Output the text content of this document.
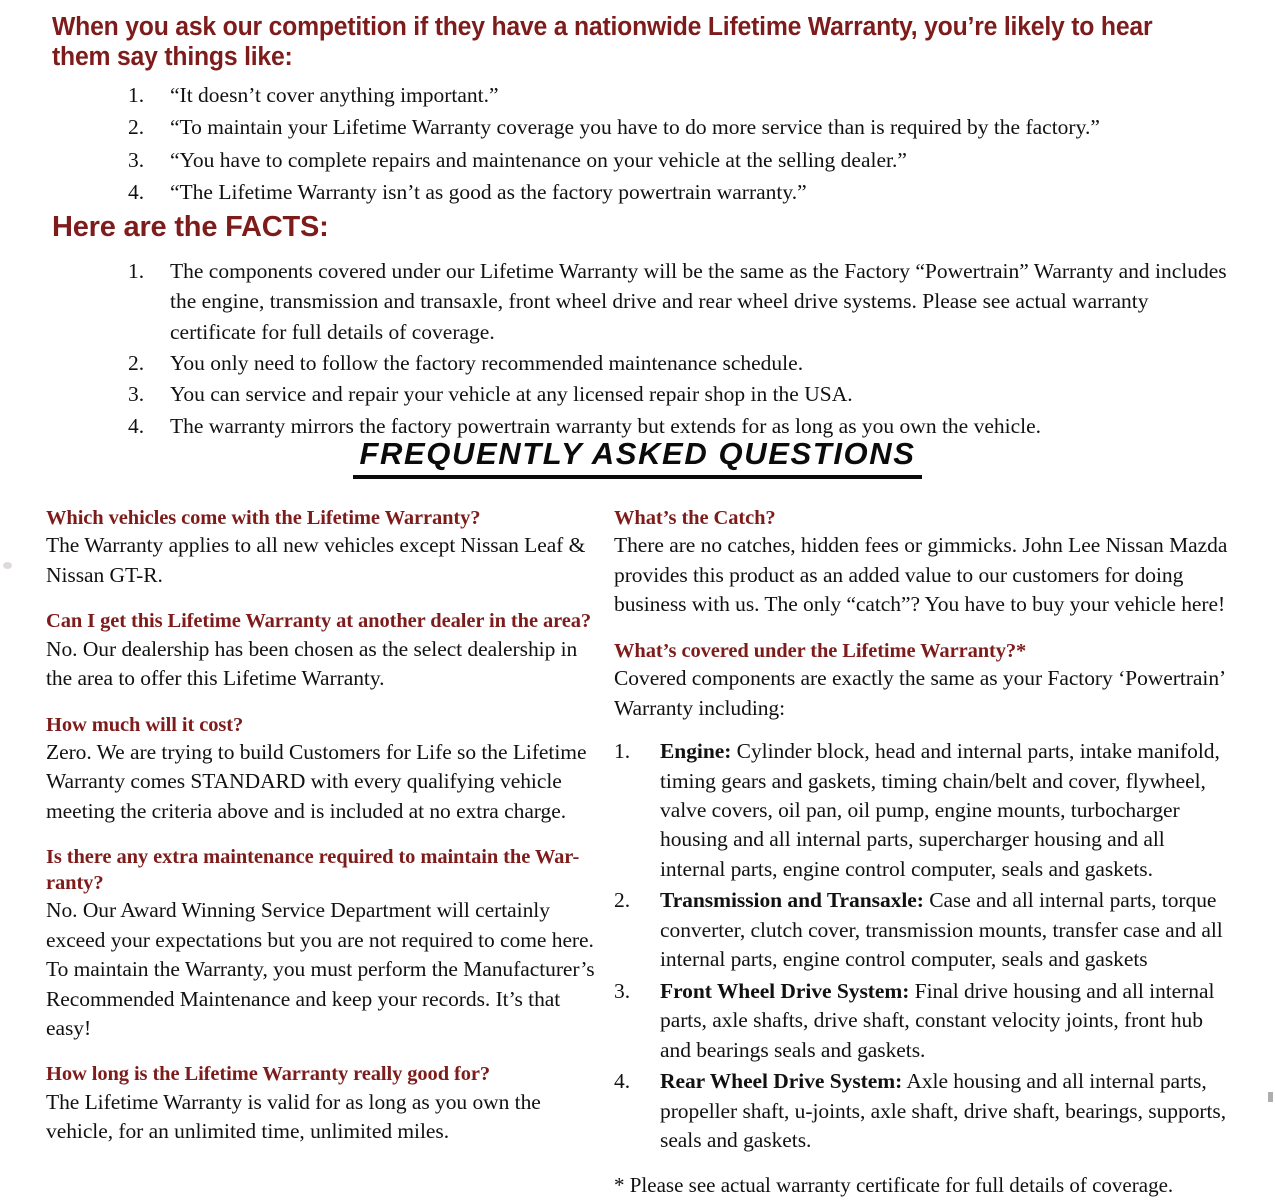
When you ask our competition if they have a nationwide Lifetime Warranty, you’re likely to hear them say things like:
1.	“It doesn’t cover anything important.”
2.	“To maintain your Lifetime Warranty coverage you have to do more service than is required by the factory.”
3.	“You have to complete repairs and maintenance on your vehicle at the selling dealer.”
4.	“The Lifetime Warranty isn’t as good as the factory powertrain warranty.”
Here are the FACTS:
1.	The components covered under our Lifetime Warranty will be the same as the Factory “Powertrain” Warranty and includes the engine, transmission and transaxle, front wheel drive and rear wheel drive systems. Please see actual warranty certificate for full details of coverage.
2.	You only need to follow the factory recommended maintenance schedule.
3.	You can service and repair your vehicle at any licensed repair shop in the USA.
4.	The warranty mirrors the factory powertrain warranty but extends for as long as you own the vehicle.
FREQUENTLY ASKED QUESTIONS
Which vehicles come with the Lifetime Warranty?
The Warranty applies to all new vehicles except Nissan Leaf & Nissan GT-R.
Can I get this Lifetime Warranty at another dealer in the area?
No. Our dealership has been chosen as the select dealership in the area to offer this Lifetime Warranty.
How much will it cost?
Zero. We are trying to build Customers for Life so the Lifetime Warranty comes STANDARD with every qualifying vehicle meeting the criteria above and is included at no extra charge.
Is there any extra maintenance required to maintain the War-ranty?
No. Our Award Winning Service Department will certainly exceed your expectations but you are not required to come here. To maintain the Warranty, you must perform the Manufacturer’s Recommended Maintenance and keep your records. It’s that easy!
How long is the Lifetime Warranty really good for?
The Lifetime Warranty is valid for as long as you own the vehicle, for an unlimited time, unlimited miles.
What’s the Catch?
There are no catches, hidden fees or gimmicks. John Lee Nissan Mazda provides this product as an added value to our customers for doing business with us. The only “catch”? You have to buy your vehicle here!
What’s covered under the Lifetime Warranty?*
Covered components are exactly the same as your Factory ‘Powertrain’ Warranty including:
1.	Engine: Cylinder block, head and internal parts, intake manifold, timing gears and gaskets, timing chain/belt and cover, flywheel, valve covers, oil pan, oil pump, engine mounts, turbocharger housing and all internal parts, supercharger housing and all internal parts, engine control computer, seals and gaskets.
2.	Transmission and Transaxle: Case and all internal parts, torque converter, clutch cover, transmission mounts, transfer case and all internal parts, engine control computer, seals and gaskets
3.	Front Wheel Drive System: Final drive housing and all internal parts, axle shafts, drive shaft, constant velocity joints, front hub and bearings seals and gaskets.
4.	Rear Wheel Drive System: Axle housing and all internal parts, propeller shaft, u-joints, axle shaft, drive shaft, bearings, supports, seals and gaskets.
* Please see actual warranty certificate for full details of coverage.
